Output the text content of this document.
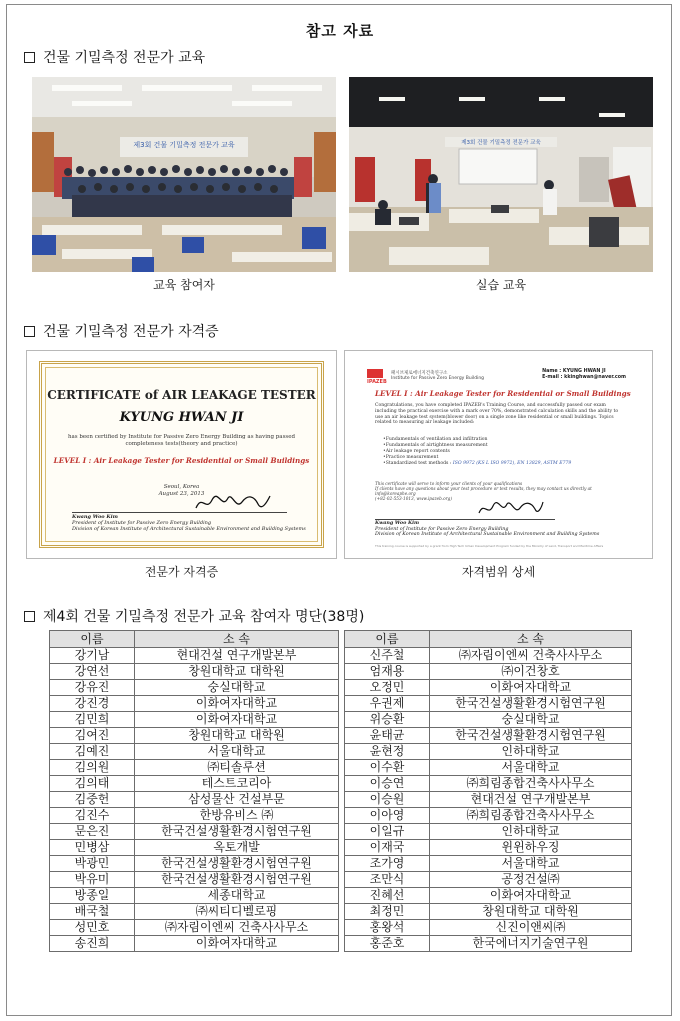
참고 자료
건물 기밀측정 전문가 교육
제3회 건물 기밀측정 전문가 교육	제3회 건물 기밀측정 전문가 교육
교육 참여자	실습 교육
건물 기밀측정 전문가 자격증
CERTIFICATE of AIR LEAKAGE TESTER
KYUNG HWAN JI
has been certified by Institute for Passive Zero Energy Building as having passed completeness tests(theory and practice)
LEVEL I : Air Leakage Tester for Residential or Small Buildings
Seoul, Korea
August 23, 2013
Kwang Woo Kim
President of Institute for Passive Zero Energy Building
Division of Korean Institute of Architectural Sustainable Environment and Building Systems
IPAZEB
패시브제로에너지건축연구소
Institute for Passive Zero Energy Building
Name : KYUNG HWAN JI
E-mail : kkinghwan@naver.com
LEVEL I : Air Leakage Tester for Residential or Small Buildings
Congratulations, you have completed IPAZEB's Training Course, and successfully passed our exam including the practical exercise with a mark over 70%, demonstrated calculation skills and the ability to use an air leakage test system(blower door) on a single zone like residential or small buildings. Topics related to measuring air leakage included:
• Fundamentals of ventilation and infiltration
• Fundamentals of airtightness measurement
• Air leakage report contents
• Practice measurement
• Standardized test methods : ISO 9972 (KS L ISO 9972), EN 13829, ASTM E779
This certificate will serve to inform your clients of your qualifications
If clients have any questions about your test procedure or test results, they may contact us directly at info@koreaphe.org
(+82-02-553-1013, www.ipazeb.org)
Kwang Woo Kim
President of Institute for Passive Zero Energy Building
Division of Korean Institute of Architectural Sustainable Environment and Building Systems
This training course is supported by a grant from High Tech Urban Development Program funded by the Ministry of Land, Transport and Maritime Affairs
전문가 자격증	자격범위 상세
제4회 건물 기밀측정 전문가 교육 참여자 명단(38명)
이름	소 속
강기남	현대건설 연구개발본부
강연선	창원대학교 대학원
강유진	숭실대학교
강진경	이화여자대학교
김민희	이화여자대학교
김여진	창원대학교 대학원
김예진	서울대학교
김의원	㈜티솔루션
김의태	테스트코리아
김중헌	삼성물산 건설부문
김진수	한방유비스 ㈜
문은진	한국건설생활환경시험연구원
민병삼	옥토개발
박광민	한국건설생활환경시험연구원
박유미	한국건설생활환경시험연구원
방종일	세종대학교
배국철	㈜씨티디벨로핑
성민호	㈜자림이엔씨 건축사사무소
송진희	이화여자대학교
이름	소 속
신주철	㈜자림이엔씨 건축사사무소
엄재용	㈜이건창호
오정민	이화여자대학교
우권제	한국건설생활환경시험연구원
위승환	숭실대학교
윤태균	한국건설생활환경시험연구원
윤현정	인하대학교
이수환	서울대학교
이승연	㈜희림종합건축사사무소
이승원	현대건설 연구개발본부
이아영	㈜희림종합건축사사무소
이일규	인하대학교
이재국	윈윈하우징
조가영	서울대학교
조만식	공정건설㈜
진혜선	이화여자대학교
최정민	창원대학교 대학원
홍왕석	신진이앤씨㈜
홍준호	한국에너지기술연구원
